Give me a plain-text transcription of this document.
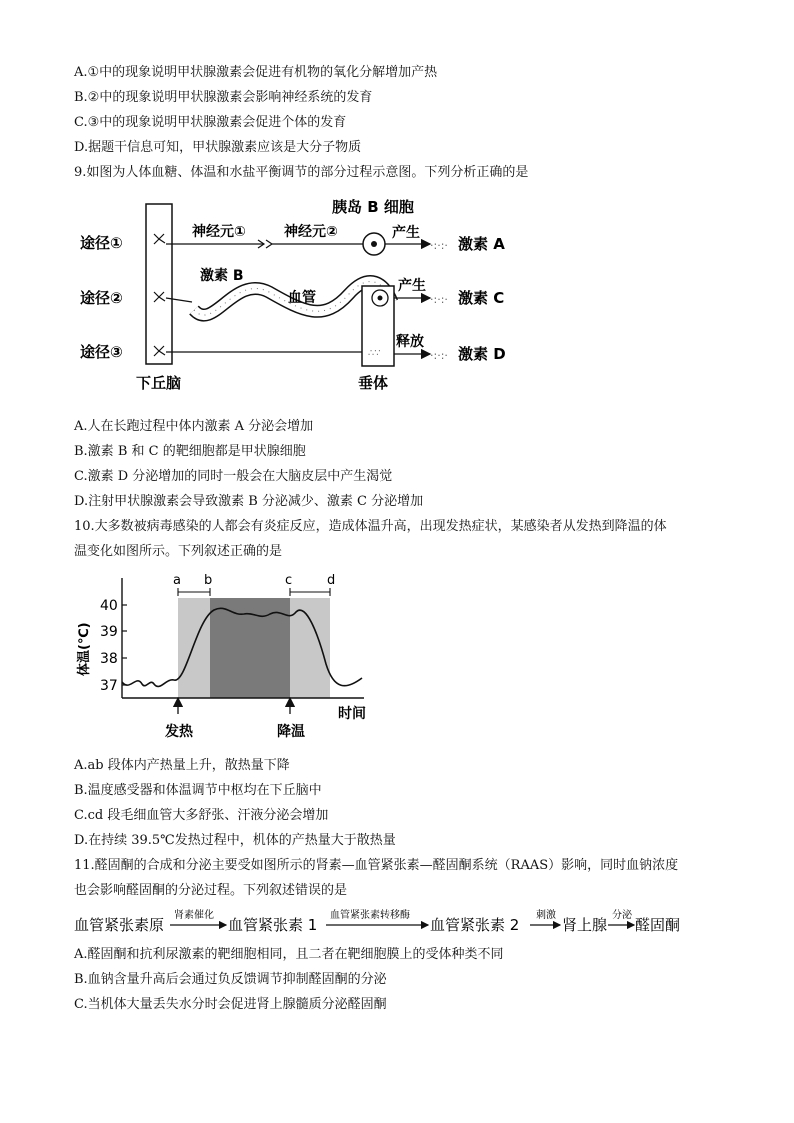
A.①中的现象说明甲状腺激素会促进有机物的氧化分解增加产热
B.②中的现象说明甲状腺激素会影响神经系统的发育
C.③中的现象说明甲状腺激素会促进个体的发育
D.据题干信息可知，甲状腺激素应该是大分子物质
9.如图为人体血糖、体温和水盐平衡调节的部分过程示意图。下列分析正确的是
途径①
途径②
途径③
神经元①	神经元②
胰岛 B 细胞
产生
·:·:· 激素 A
激素 B
血管
∴∵
产生
·:·:· 激素 C
释放
·:·:· 激素 D
下丘脑	垂体
A.人在长跑过程中体内激素 A 分泌会增加
B.激素 B 和 C 的靶细胞都是甲状腺细胞
C.激素 D 分泌增加的同时一般会在大脑皮层中产生渴觉
D.注射甲状腺激素会导致激素 B 分泌减少、激素 C 分泌增加
10.大多数被病毒感染的人都会有炎症反应，造成体温升高，出现发热症状，某感染者从发热到降温的体
温变化如图所示。下列叙述正确的是
40
39
38
37
体温(℃)
a b	c	d
发热	降温
时间
A.ab 段体内产热量上升，散热量下降
B.温度感受器和体温调节中枢均在下丘脑中
C.cd 段毛细血管大多舒张、汗液分泌会增加
D.在持续 39.5℃发热过程中，机体的产热量大于散热量
11.醛固酮的合成和分泌主要受如图所示的肾素—血管紧张素—醛固酮系统（RAAS）影响，同时血钠浓度
也会影响醛固酮的分泌过程。下列叙述错误的是
血管紧张素原
肾素催化
血管紧张素 1
血管紧张素转移酶
血管紧张素 2
刺激
肾上腺
分泌
醛固酮
A.醛固酮和抗利尿激素的靶细胞相同，且二者在靶细胞膜上的受体种类不同
B.血钠含量升高后会通过负反馈调节抑制醛固酮的分泌
C.当机体大量丢失水分时会促进肾上腺髓质分泌醛固酮
